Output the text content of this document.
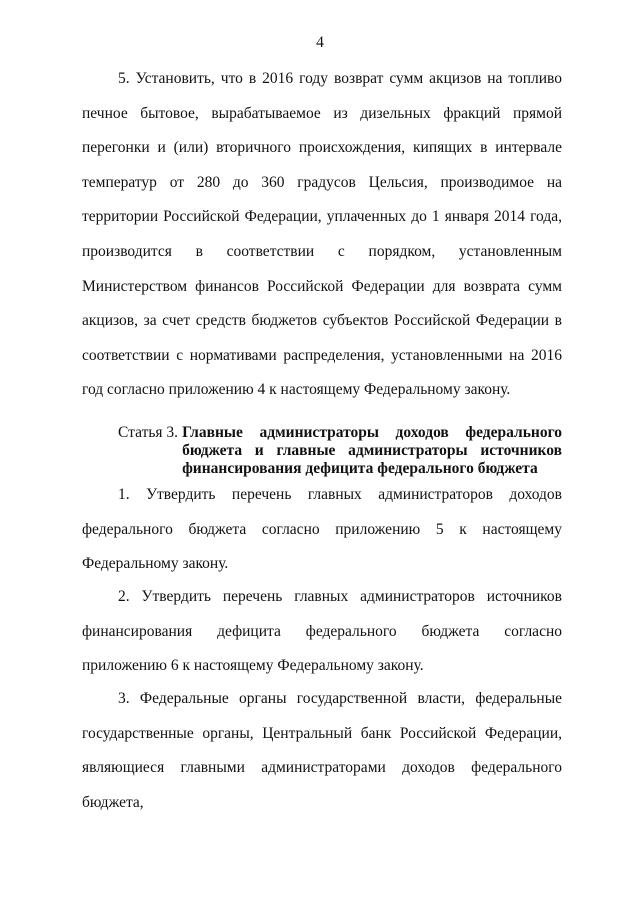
4
5. Установить, что в 2016 году возврат сумм акцизов на топливо печное бытовое, вырабатываемое из дизельных фракций прямой перегонки и (или) вторичного происхождения, кипящих в интервале температур от 280 до 360 градусов Цельсия, производимое на территории Российской Федерации, уплаченных до 1 января 2014 года, производится в соответствии с порядком, установленным Министерством финансов Российской Федерации для возврата сумм акцизов, за счет средств бюджетов субъектов Российской Федерации в соответствии с нормативами распределения, установленными на 2016 год согласно приложению 4 к настоящему Федеральному закону.
Статья 3. Главные администраторы доходов федерального бюджета и главные администраторы источников финансирования дефицита федерального бюджета
1. Утвердить перечень главных администраторов доходов федерального бюджета согласно приложению 5 к настоящему Федеральному закону.
2. Утвердить перечень главных администраторов источников финансирования дефицита федерального бюджета согласно приложению 6 к настоящему Федеральному закону.
3. Федеральные органы государственной власти, федеральные государственные органы, Центральный банк Российской Федерации, являющиеся главными администраторами доходов федерального бюджета,
